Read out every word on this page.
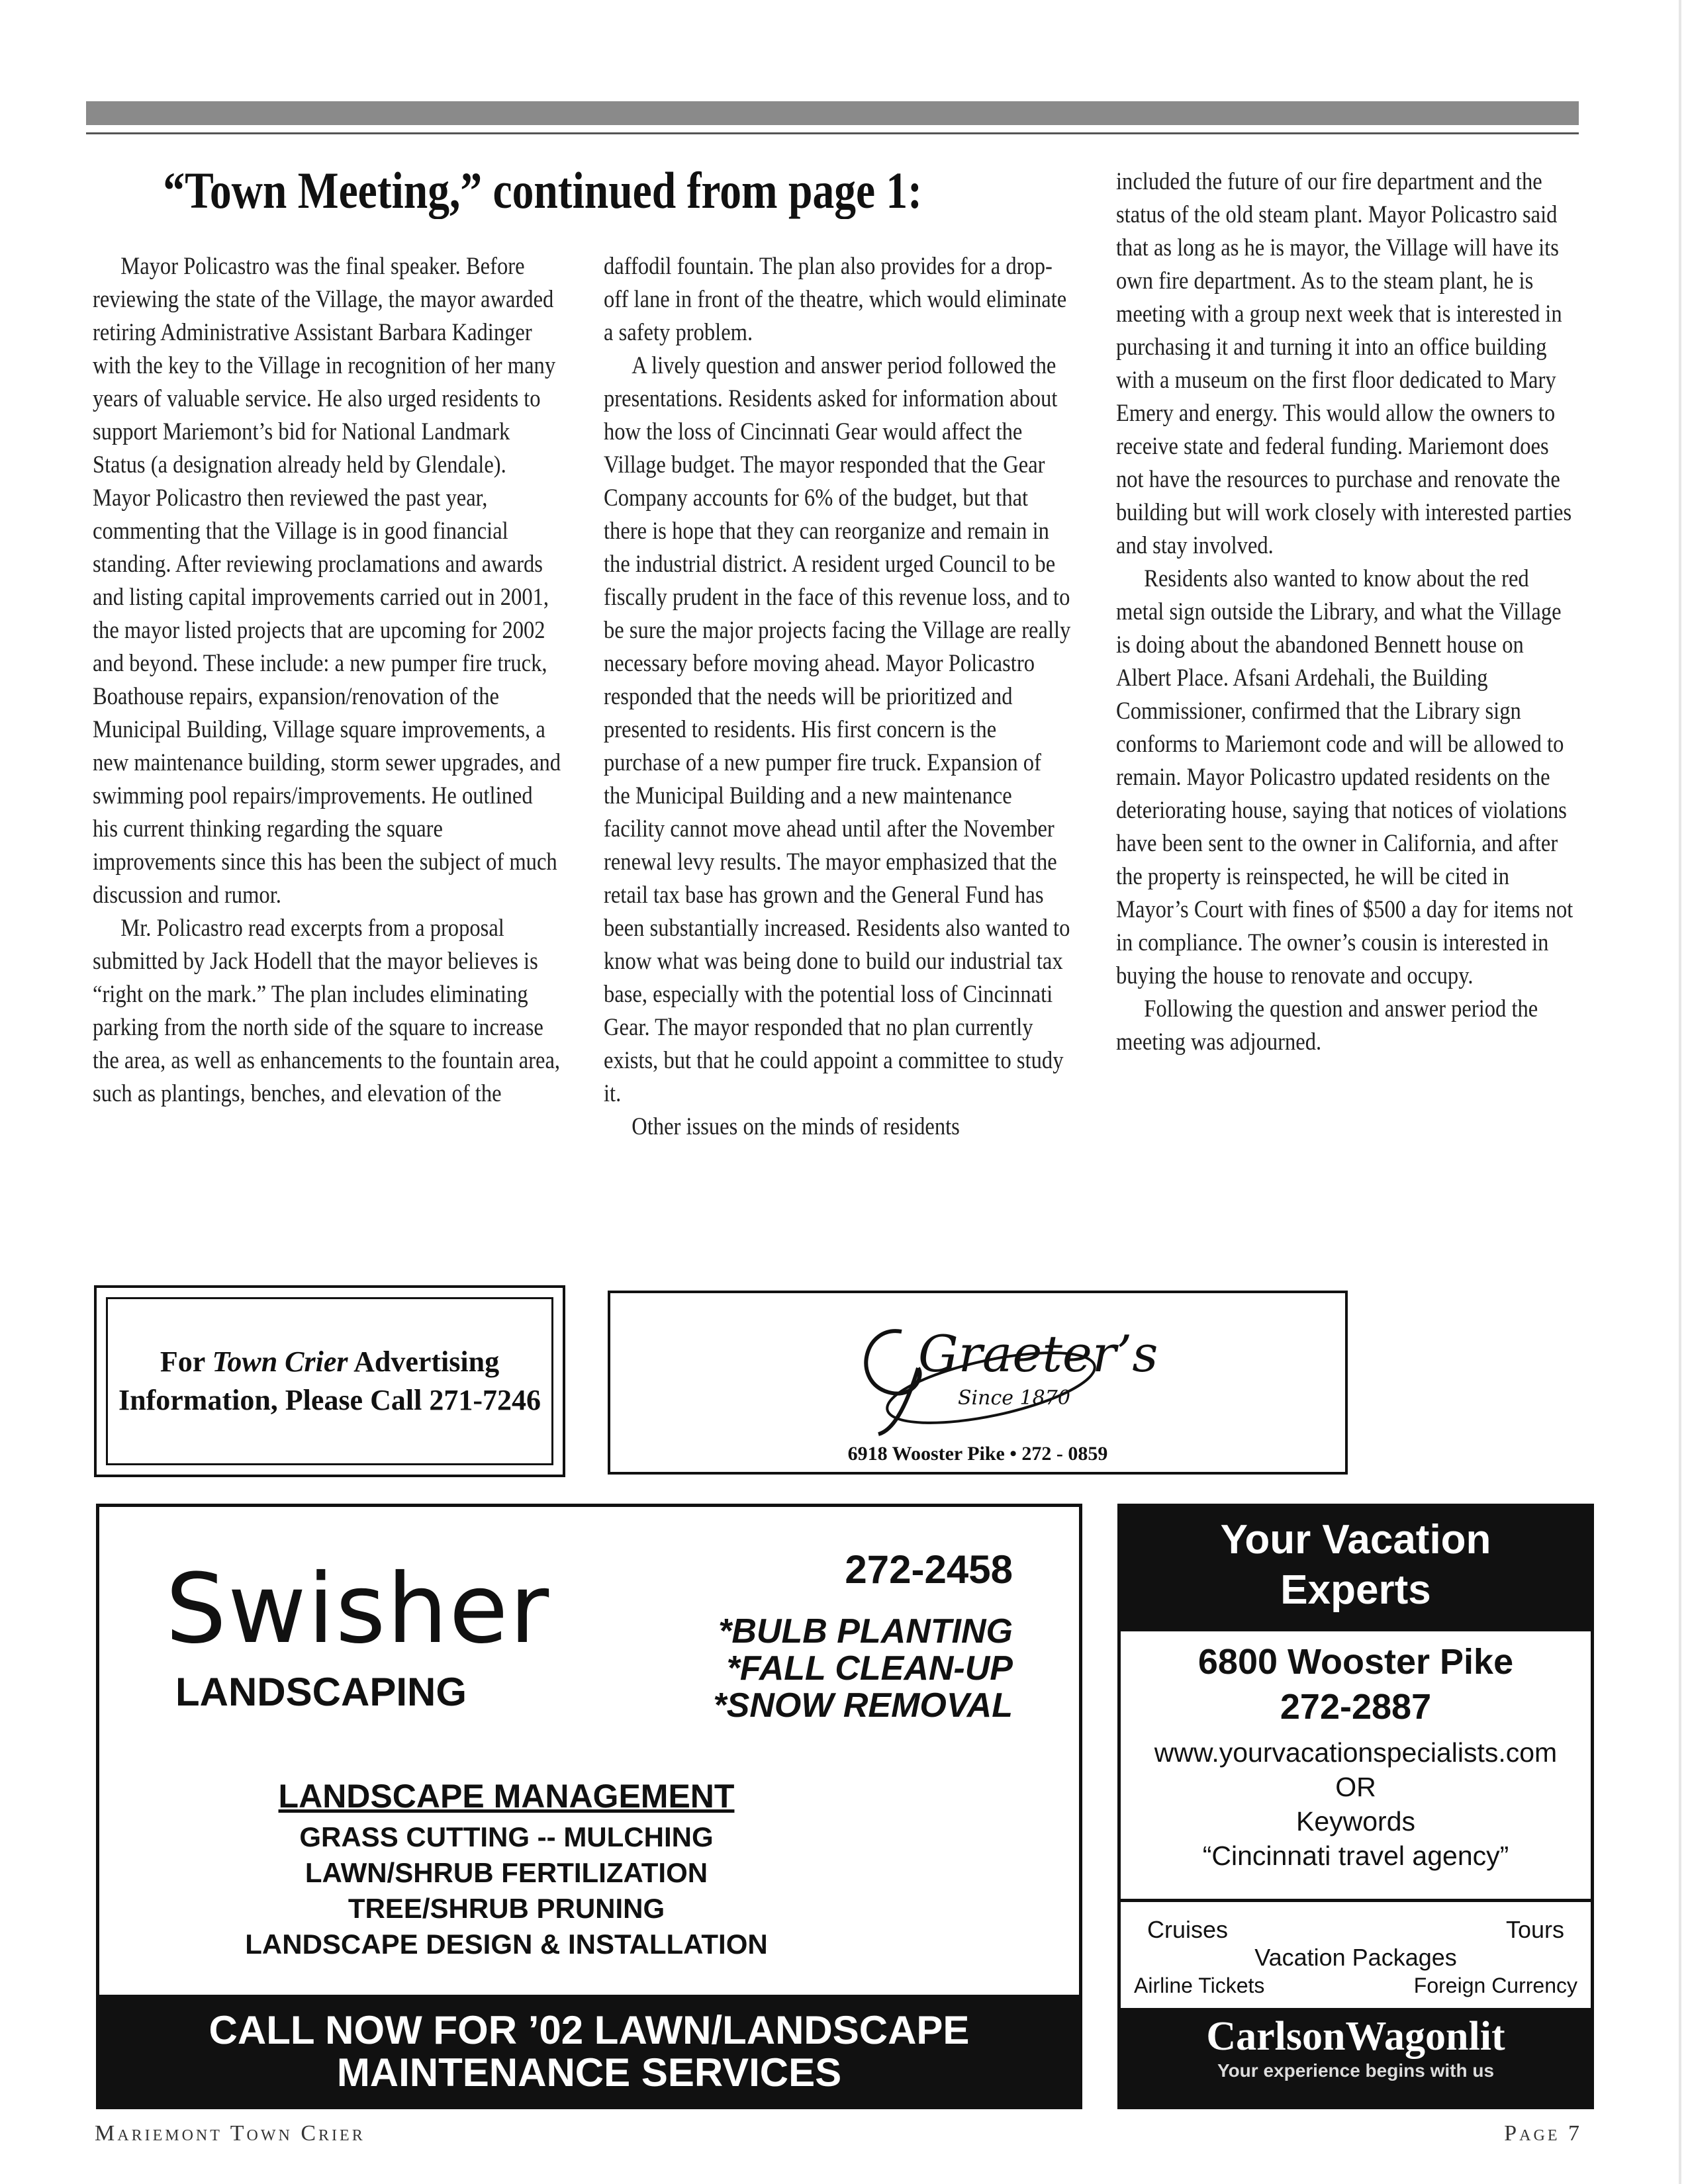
“Town Meeting,” continued from page 1:

Mayor Policastro was the final speaker. Before reviewing the state of the Village, the mayor awarded retiring Administrative Assistant Barbara Kadinger with the key to the Village in recognition of her many years of valuable service. He also urged residents to support Mariemont’s bid for National Landmark Status (a designation already held by Glendale). Mayor Policastro then reviewed the past year, commenting that the Village is in good financial standing. After reviewing proclamations and awards and listing capital improvements carried out in 2001, the mayor listed projects that are upcoming for 2002 and beyond. These include: a new pumper fire truck, Boathouse repairs, expansion/renovation of the Municipal Building, Village square improvements, a new maintenance building, storm sewer upgrades, and swimming pool repairs/improvements. He outlined his current thinking regarding the square improvements since this has been the subject of much discussion and rumor.

Mr. Policastro read excerpts from a proposal submitted by Jack Hodell that the mayor believes is “right on the mark.” The plan includes eliminating parking from the north side of the square to increase the area, as well as enhancements to the fountain area, such as plantings, benches, and elevation of the

daffodil fountain. The plan also provides for a drop-off lane in front of the theatre, which would eliminate a safety problem.

A lively question and answer period followed the presentations. Residents asked for information about how the loss of Cincinnati Gear would affect the Village budget. The mayor responded that the Gear Company accounts for 6% of the budget, but that there is hope that they can reorganize and remain in the industrial district. A resident urged Council to be fiscally prudent in the face of this revenue loss, and to be sure the major projects facing the Village are really necessary before moving ahead. Mayor Policastro responded that the needs will be prioritized and presented to residents. His first concern is the purchase of a new pumper fire truck. Expansion of the Municipal Building and a new maintenance facility cannot move ahead until after the November renewal levy results. The mayor emphasized that the retail tax base has grown and the General Fund has been substantially increased. Residents also wanted to know what was being done to build our industrial tax base, especially with the potential loss of Cincinnati Gear. The mayor responded that no plan currently exists, but that he could appoint a committee to study it.

Other issues on the minds of residents

included the future of our fire department and the status of the old steam plant. Mayor Policastro said that as long as he is mayor, the Village will have its own fire department. As to the steam plant, he is meeting with a group next week that is interested in purchasing it and turning it into an office building with a museum on the first floor dedicated to Mary Emery and energy. This would allow the owners to receive state and federal funding. Mariemont does not have the resources to purchase and renovate the building but will work closely with interested parties and stay involved.

Residents also wanted to know about the red metal sign outside the Library, and what the Village is doing about the abandoned Bennett house on Albert Place. Afsani Ardehali, the Building Commissioner, confirmed that the Library sign conforms to Mariemont code and will be allowed to remain. Mayor Policastro updated residents on the deteriorating house, saying that notices of violations have been sent to the owner in California, and after the property is reinspected, he will be cited in Mayor’s Court with fines of $500 a day for items not in compliance. The owner’s cousin is interested in buying the house to renovate and occupy.

Following the question and answer period the meeting was adjourned.

For Town Crier Advertising
Information, Please Call 271-7246
Graeter’s
Since 1870
6918 Wooster Pike • 272 - 0859
Swisher
LANDSCAPING
272-2458
*BULB PLANTING
*FALL CLEAN-UP
*SNOW REMOVAL
LANDSCAPE MANAGEMENT
GRASS CUTTING -- MULCHING
LAWN/SHRUB FERTILIZATION
TREE/SHRUB PRUNING
LANDSCAPE DESIGN & INSTALLATION
CALL NOW FOR ’02 LAWN/LANDSCAPE
MAINTENANCE SERVICES
Your Vacation
Experts
6800 Wooster Pike
272-2887
www.yourvacationspecialists.com
OR
Keywords
“Cincinnati travel agency”
Cruises	Tours
Vacation Packages
Airline Tickets	Foreign Currency
CarlsonWagonlit
Your experience begins with us
Mariemont Town Crier	Page 7
